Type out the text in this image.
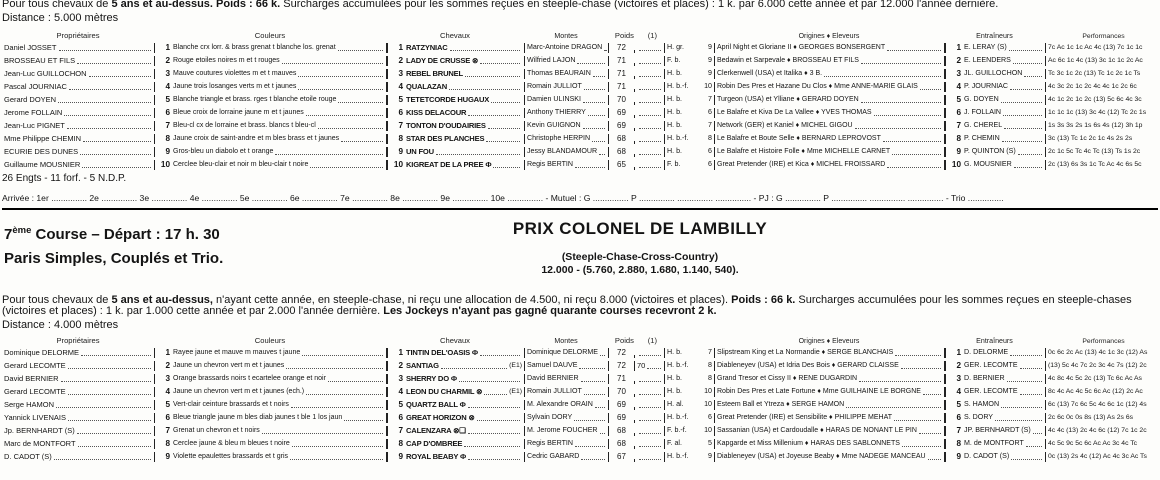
Pour tous chevaux de 5 ans et au-dessus. Poids : 66 k. Surcharges accumulées pour les sommes reçues en steeple-chase (victoires et places) : 1 k. par 6.000 cette année et par 12.000 l'année dernière.
Distance : 5.000 mètres
Propriétaires	Couleurs	Chevaux	Montes	Poids (1)	Origines ♦ Eleveurs	Entraîneurs	Performances
Daniel JOSSET	1 Blanche crx lorr. & brass grenat t blanche los. grenat	1 RATZYNIAC	Marc-Antoine DRAGON	72	H. gr.	9 April Night et Gloriane II ♦ GEORGES BONSERGENT	1 E. LERAY (S)	7c Ac 1c 1c Ac 4c (13) 7c 1c 1c
BROSSEAU ET FILS	2 Rouge etoiles noires m et t rouges	2 LADY DE CRUSSE ⊗	Wilfried LAJON	71	F. b.	9 Bedawin et Sarpevale ♦ BROSSEAU ET FILS	2 E. LEENDERS	Ac 6c 1c 4c (13) 3c 1c 1c 2c Ac
Jean-Luc GUILLOCHON	3 Mauve coutures violettes m et t mauves	3 REBEL BRUNEL	Thomas BEAURAIN	71	H. b.	9 Clerkenwell (USA) et Italika ♦ 3 B.	3 JL. GUILLOCHON	Tc 3c 1c 2c (13) Tc 1c 2c 1c Ts
Pascal JOURNIAC	4 Jaune trois losanges verts m et t jaunes	4 QUALAZAN	Romain JULLIOT	71	H. b.-f. 10 Robin Des Pres et Hazane Du Clos ♦ Mme ANNE-MARIE GLAIS	4 P. JOURNIAC	4c 3c 2c 1c 2c 4c 4c 1c 2c 6c
Gerard DOYEN	5 Blanche triangle et brass. rges t blanche etoile rouge	5 TETETCORDE HUGAUX	Damien ULINSKI	70	H. b.	7 Turgeon (USA) et Ylliane ♦ GERARD DOYEN	5 G. DOYEN	4c 1c 2c 1c 2c (13) 5c 6c 4c 3c
Jerome FOLLAIN	6 Bleue croix de lorraine jaune m et t jaunes	6 KISS DELACOUR	Anthony THIERRY	69	H. b.	6 Le Balafre et Kiva De La Vallee ♦ YVES THOMAS	6 J. FOLLAIN	1c 1c 1c (13) 3c 4c (12) Tc 2c 1s
Jean-Luc PIGNET	7 Bleu-cl cx de lorraine et brass. blancs t bleu-cl	7 TONTON D'OUDAIRIES	Kevin GUIGNON	69	H. b.	7 Network (GER) et Kaniel ♦ MICHEL GIGOU	7 G. CHEREL	1s 3s 3s 2s 1s 6s 4s (12) 3h 1p
Mme Philippe CHEMIN	8 Jaune croix de saint-andre et m bles brass et t jaunes	8 STAR DES PLANCHES	Christophe HERPIN	68	H. b.-f.	8 Le Balafre et Boute Selle ♦ BERNARD LEPROVOST	8 P. CHEMIN	3c (13) Tc 1c 2c 1c 4s 2s 2s
ECURIE DES DUNES	9 Gros-bleu un diabolo et t orange	9 UN FOU	Jessy BLANDAMOUR	68	H. b.	6 Le Balafre et Histoire Folle ♦ Mme MICHELLE CARNET	9 P. QUINTON (S)	2c 1c 5c Tc 4c Tc (13) Ts 1s 2c
Guillaume MOUSNIER	10 Cerclee bleu-clair et noir m bleu-clair t noire	10 KIGREAT DE LA PREE Φ	Regis BERTIN	65	F. b.	6 Great Pretender (IRE) et Kica ♦ MICHEL FROISSARD	10 G. MOUSNIER	2c (13) 6s 3s 1c Tc Ac 4c 6s 5c
26 Engts - 11 forf. - 5 N.D.P.
Arrivée : 1er ............... 2e ............... 3e ............... 4e ............... 5e ............... 6e ............... 7e ............... 8e ............... 9e ............... 10e ............... - Mutuel : G ............... P ............... ............... ............... - PJ : G ............... P ............... ............... ............... - Trio ...............
7ème Course – Départ : 17 h. 30
Paris Simples, Couplés et Trio.
PRIX COLONEL DE LAMBILLY
(Steeple-Chase-Cross-Country)
12.000 - (5.760, 2.880, 1.680, 1.140, 540).
Pour tous chevaux de 5 ans et au-dessus, n'ayant cette année, en steeple-chase, ni reçu une allocation de 4.500, ni reçu 8.000 (victoires et places). Poids : 66 k. Surcharges accumulées pour les sommes reçues en steeple-chases (victoires et places) : 1 k. par 1.000 cette année et par 2.000 l'année dernière. Les Jockeys n'ayant pas gagné quarante courses recevront 2 k.
Distance : 4.000 mètres
Propriétaires	Couleurs	Chevaux	Montes	Poids (1)	Origines ♦ Eleveurs	Entraîneurs	Performances
Dominique DELORME	1 Rayee jaune et mauve m mauves t jaune	1 TINTIN DEL'OASIS Φ	Dominique DELORME	72	H. b.	7 Slipstream King et La Normandie ♦ SERGE BLANCHAIS	1 D. DELORME	0c 6c 2c Ac (13) 4c 1c 3c (12) As
Gerard LECOMTE	2 Jaune un chevron vert m et t jaunes	2 SANTIAG	(E1) Samuel DAUVE	72	70	H. b.-f.	8 Diableneyev (USA) et Idria Des Bois ♦ GERARD CLAISSE	2 GER. LECOMTE	(13) 5c 4c 7c 2c 3c 4c 7s (12) 2c
David BERNIER	3 Orange brassards noirs t ecartelee orange et noir	3 SHERRY DO Φ	David BERNIER	71	H. b.	8 Grand Tresor et Cissy II ♦ RENE DUGARDIN	3 D. BERNIER	4c 8c 4c 5c 2c (13) Tc 6c Ac As
Gerard LECOMTE	4 Jaune un chevron vert m et t jaunes (ech.)	4 LEON DU CHARMIL ⊗	(E1) Romain JULLIOT	70	H. b.	10 Robin Des Pres et Late Fortune ♦ Mme GUILHAINE LE BORGNE	4 GER. LECOMTE	8c 4c Ac 4c 5c 6c Ac (12) 2c Ac
Serge HAMON	5 Vert-clair ceinture brassards et t noirs	5 QUARTZ BALL Φ	M. Alexandre ORAIN	69	H. al.	10 Esteem Ball et Ytreza ♦ SERGE HAMON	5 S. HAMON	6c (13) 7c 6c 5c 4c 6c 1c (12) 4s
Yannick LIVENAIS	6 Bleue triangle jaune m bles diab jaunes t ble 1 los jaun	6 GREAT HORIZON ⊗	Sylvain DORY	69	H. b.-f.	6 Great Pretender (IRE) et Sensibilite ♦ PHILIPPE MEHAT	6 S. DORY	2c 6c 0c 0s 8s (13) As 2s 6s
Jp. BERNHARDT (S)	7 Grenat un chevron et t noirs	7 CALENZARA ⊗❏	M. Jerome FOUCHER	68	F. b.-f. 10 Sassanian (USA) et Cardoudalle ♦ HARAS DE NONANT LE PIN	7 JP. BERNHARDT (S)	4c 4c (13) 2c 4c 6c (12) 7c 1c 2c
Marc de MONTFORT	8 Cerclee jaune & bleu m bleues t noire	8 CAP D'OMBREE	Regis BERTIN	68	F. al.	5 Kapgarde et Miss Millenium ♦ HARAS DES SABLONNETS	8 M. de MONTFORT	4c 5c 9c 5c 6c Ac Ac 3c 4c Tc
D. CADOT (S)	9 Violette epaulettes brassards et t gris	9 ROYAL BEABY Φ	Cedric GABARD	67	H. b.-f.	9 Diableneyev (USA) et Joyeuse Beaby ♦ Mme NADEGE MANCEAU	9 D. CADOT (S)	0c (13) 2s 4c (12) Ac 4c 3c Ac Ts
